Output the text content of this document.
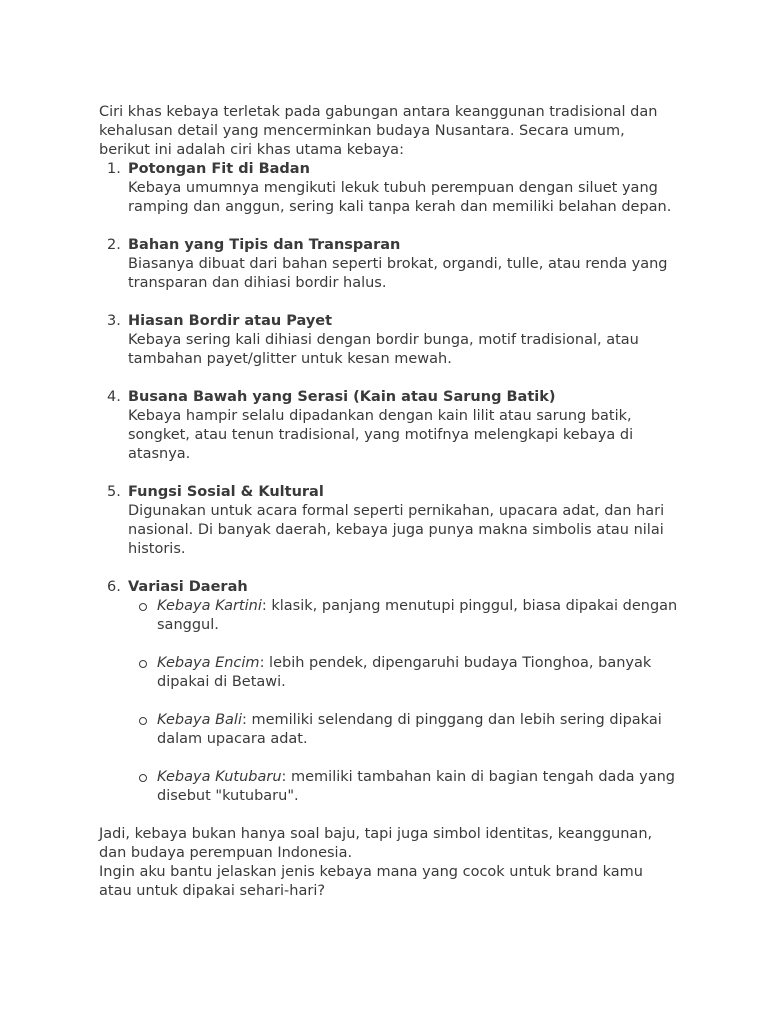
Ciri khas kebaya terletak pada gabungan antara keanggunan tradisional dan kehalusan detail yang mencerminkan budaya Nusantara. Secara umum, berikut ini adalah ciri khas utama kebaya:

1. Potongan Fit di Badan
Kebaya umumnya mengikuti lekuk tubuh perempuan dengan siluet yang ramping dan anggun, sering kali tanpa kerah dan memiliki belahan depan.
2. Bahan yang Tipis dan Transparan
Biasanya dibuat dari bahan seperti brokat, organdi, tulle, atau renda yang transparan dan dihiasi bordir halus.
3. Hiasan Bordir atau Payet
Kebaya sering kali dihiasi dengan bordir bunga, motif tradisional, atau tambahan payet/glitter untuk kesan mewah.
4. Busana Bawah yang Serasi (Kain atau Sarung Batik)
Kebaya hampir selalu dipadankan dengan kain lilit atau sarung batik, songket, atau tenun tradisional, yang motifnya melengkapi kebaya di atasnya.
5. Fungsi Sosial & Kultural
Digunakan untuk acara formal seperti pernikahan, upacara adat, dan hari nasional. Di banyak daerah, kebaya juga punya makna simbolis atau nilai historis.
6. Variasi Daerah
Kebaya Kartini: klasik, panjang menutupi pinggul, biasa dipakai dengan sanggul.
Kebaya Encim: lebih pendek, dipengaruhi budaya Tionghoa, banyak dipakai di Betawi.
Kebaya Bali: memiliki selendang di pinggang dan lebih sering dipakai dalam upacara adat.
Kebaya Kutubaru: memiliki tambahan kain di bagian tengah dada yang disebut "kutubaru".

Jadi, kebaya bukan hanya soal baju, tapi juga simbol identitas, keanggunan, dan budaya perempuan Indonesia.

Ingin aku bantu jelaskan jenis kebaya mana yang cocok untuk brand kamu atau untuk dipakai sehari-hari?
